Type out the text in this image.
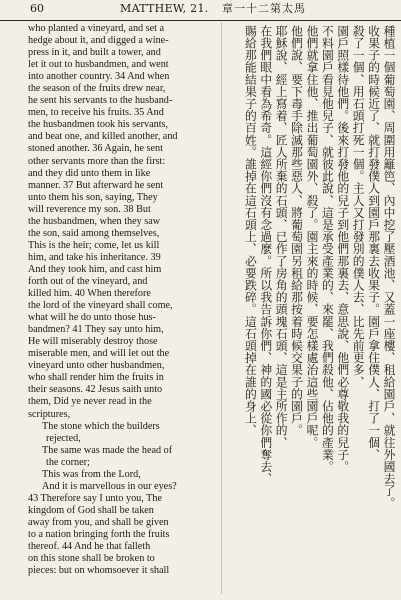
60	MATTHEW, 21. 章一十二第太馬
who planted a vineyard, and set a
hedge about it, and digged a wine-
press in it, and built a tower, and
let it out to husbandmen, and went
into another country. 34 And when
the season of the fruits drew near,
he sent his servants to the husband-
men, to receive his fruits. 35 And
the husbandmen took his servants,
and beat one, and killed another, and
stoned another. 36 Again, he sent
other servants more than the first:
and they did unto them in like
manner. 37 But afterward he sent
unto them his son, saying, They
will reverence my son. 38 But
the husbandmen, when they saw
the son, said among themselves,
This is the heir; come, let us kill
him, and take his inheritance. 39
And they took him, and cast him
forth out of the vineyard, and
killed him. 40 When therefore
the lord of the vineyard shall come,
what will he do unto those hus-
bandmen? 41 They say unto him,
He will miserably destroy those
miserable men, and will let out the
vineyard unto other husbandmen,
who shall render him the fruits in
their seasons. 42 Jesus saith unto
them, Did ye never read in the
scriptures,
The stone which the builders
rejected,
The same was made the head of
the corner;
This was from the Lord,
And it is marvellous in our eyes?
43 Therefore say I unto you, The
kingdom of God shall be taken
away from you, and shall be given
to a nation bringing forth the fruits
thereof. 44 And he that falleth
on this stone shall be broken to
pieces: but on whomsoever it shall
種植一個葡萄園、周圍用籬笆、內中挖了壓酒池、又蓋一座樓、租給園戶、就往外國去了。
收果子的時候近了、就打發僕人到園戶那裏去收果子。園戶拿住僕人、打了一個、
殺了一個、用石頭打死一個。主人又打發別的僕人去、比先前更多、
園戶照樣待他們。後來打發他的兒子到他們那裏去、意思說、他們必尊敬我的兒子。
不料園戶看見他兒子、就彼此說、這是承受產業的、來罷、我們殺他、佔他的產業。
他們就拿住他、推出葡萄園外、殺了。園主來的時候、要怎樣處治這些園戶呢。
他們說、要下毒手除滅那些惡人、將葡萄園另租給那按着時候交果子的園戶。
耶穌說、經上寫着、匠人所棄的石頭、已作了房角的頭塊石頭、這是主所作的、
在我們眼中看為希奇。這經你們沒有念過麼。所以我告訴你們、神的國必從你們奪去、
賜給那能結果子的百姓。誰掉在這石頭上、必要跌碎。這石頭掉在誰的身上、
